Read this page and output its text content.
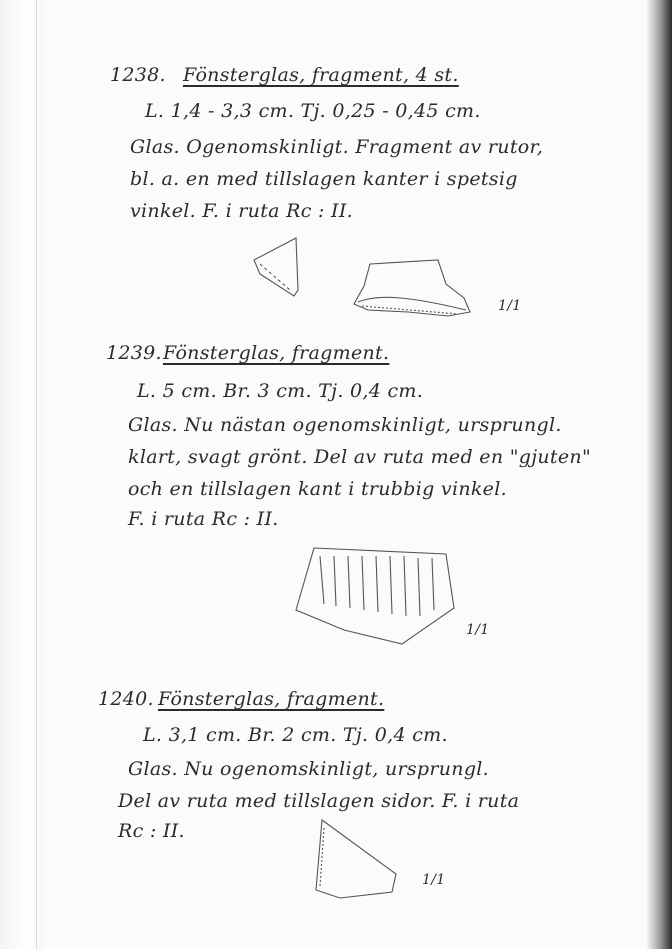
1238. Fönsterglas, fragment, 4 st.
L. 1,4 - 3,3 cm. Tj. 0,25 - 0,45 cm.
Glas. Ogenomskinligt. Fragment av rutor,
bl. a. en med tillslagen kanter i spetsig
vinkel. F. i ruta Rc : II.
1/1
1239. Fönsterglas, fragment.
L. 5 cm. Br. 3 cm. Tj. 0,4 cm.
Glas. Nu nästan ogenomskinligt, ursprungl.
klart, svagt grönt. Del av ruta med en "gjuten"
och en tillslagen kant i trubbig vinkel.
F. i ruta Rc : II.
1/1
1240. Fönsterglas, fragment.
L. 3,1 cm. Br. 2 cm. Tj. 0,4 cm.
Glas. Nu ogenomskinligt, ursprungl.
Del av ruta med tillslagen sidor. F. i ruta
Rc : II.
1/1
